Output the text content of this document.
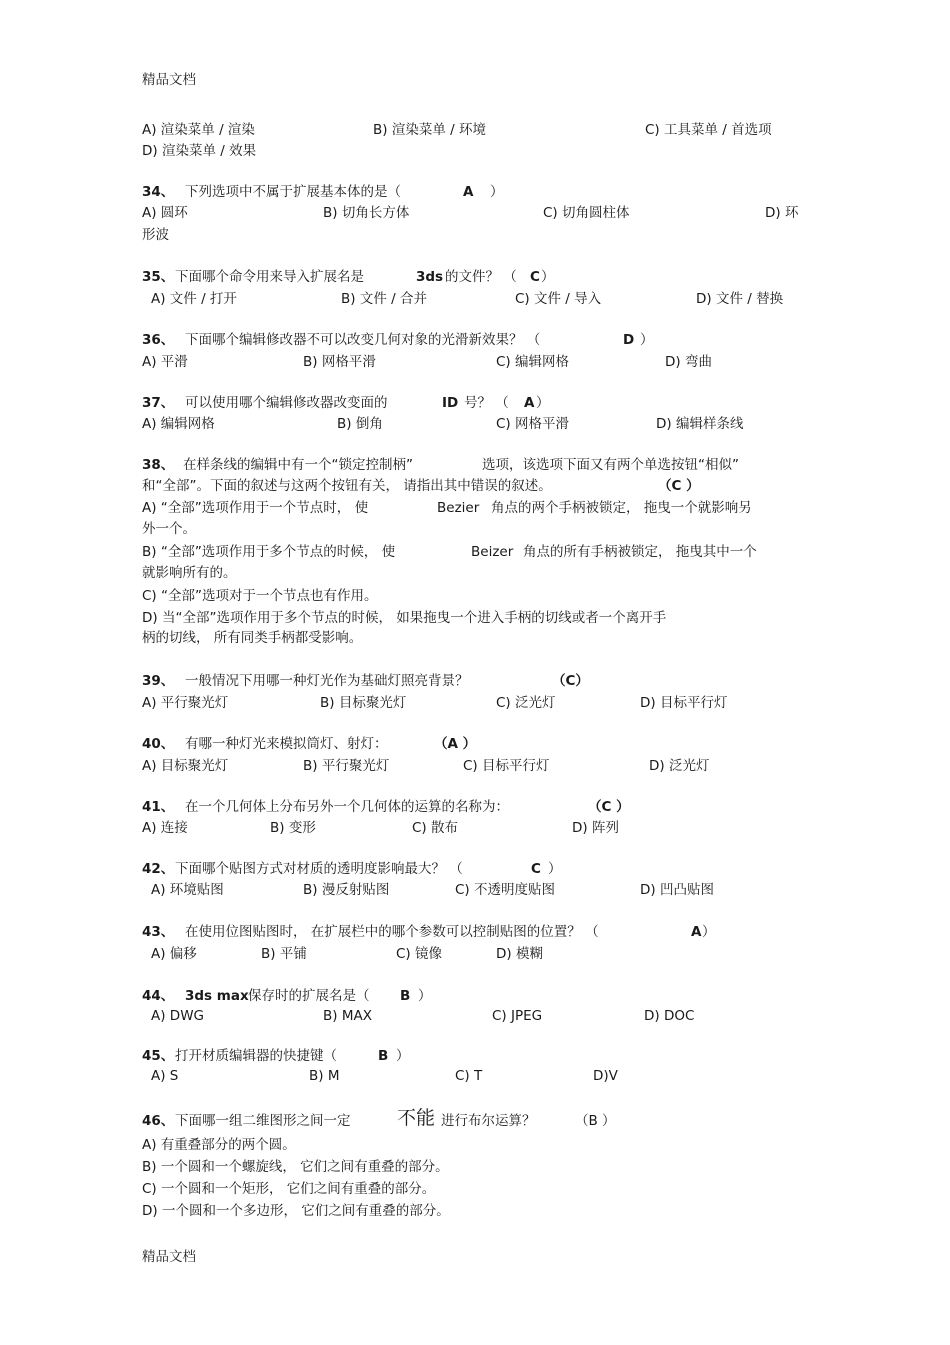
精品文档
A) 渲染菜单 / 渲染	B) 渲染菜单 / 环境	C) 工具菜单 / 首选项
D) 渲染菜单 / 效果
34、 下列选项中不属于扩展基本体的是（	A ）
A) 圆环	B) 切角长方体	C) 切角圆柱体	D) 环
形波
35、 下面哪个命令用来导入扩展名是	3ds 的文件？ （ C ）
A) 文件 / 打开	B) 文件 / 合并	C) 文件 / 导入	D) 文件 / 替换
36、 下面哪个编辑修改器不可以改变几何对象的光滑新效果？ （	D ）
A) 平滑	B) 网格平滑	C) 编辑网格	D) 弯曲
37、 可以使用哪个编辑修改器改变面的	ID 号？ （ A ）
A) 编辑网格	B) 倒角	C) 网格平滑	D) 编辑样条线
38、 在样条线的编辑中有一个“锁定控制柄”	选项，该选项下面又有两个单选按钮“相似”
和“全部”。下面的叙述与这两个按钮有关， 请指出其中错误的叙述。	（C ）
A) “全部”选项作用于一个节点时， 使	Bezier 角点的两个手柄被锁定， 拖曳一个就影响另
外一个。
B) “全部”选项作用于多个节点的时候， 使	Beizer 角点的所有手柄被锁定， 拖曳其中一个
就影响所有的。
C) “全部”选项对于一个节点也有作用。
D) 当“全部”选项作用于多个节点的时候， 如果拖曳一个进入手柄的切线或者一个离开手
柄的切线， 所有同类手柄都受影响。
39、 一般情况下用哪一种灯光作为基础灯照亮背景？	（C）
A) 平行聚光灯	B) 目标聚光灯	C) 泛光灯	D) 目标平行灯
40、 有哪一种灯光来模拟筒灯、射灯：	（A ）
A) 目标聚光灯	B) 平行聚光灯	C) 目标平行灯	D) 泛光灯
41、 在一个几何体上分布另外一个几何体的运算的名称为：	（C ）
A) 连接	B) 变形	C) 散布	D) 阵列
42、 下面哪个贴图方式对材质的透明度影响最大？ （	C ）
A) 环境贴图	B) 漫反射贴图	C) 不透明度贴图	D) 凹凸贴图
43、 在使用位图贴图时， 在扩展栏中的哪个参数可以控制贴图的位置？ （	A ）
A) 偏移	B) 平铺	C) 镜像	D) 模糊
44、 3ds max 保存时的扩展名是（ B ）
A) DWG	B) MAX	C) JPEG	D) DOC
45、 打开材质编辑器的快捷键（	B ）
A) S	B) M	C) T	D)V
46、 下面哪一组二维图形之间一定 不能 进行布尔运算？	（B ）
A) 有重叠部分的两个圆。
B) 一个圆和一个螺旋线， 它们之间有重叠的部分。
C) 一个圆和一个矩形， 它们之间有重叠的部分。
D) 一个圆和一个多边形， 它们之间有重叠的部分。
精品文档
